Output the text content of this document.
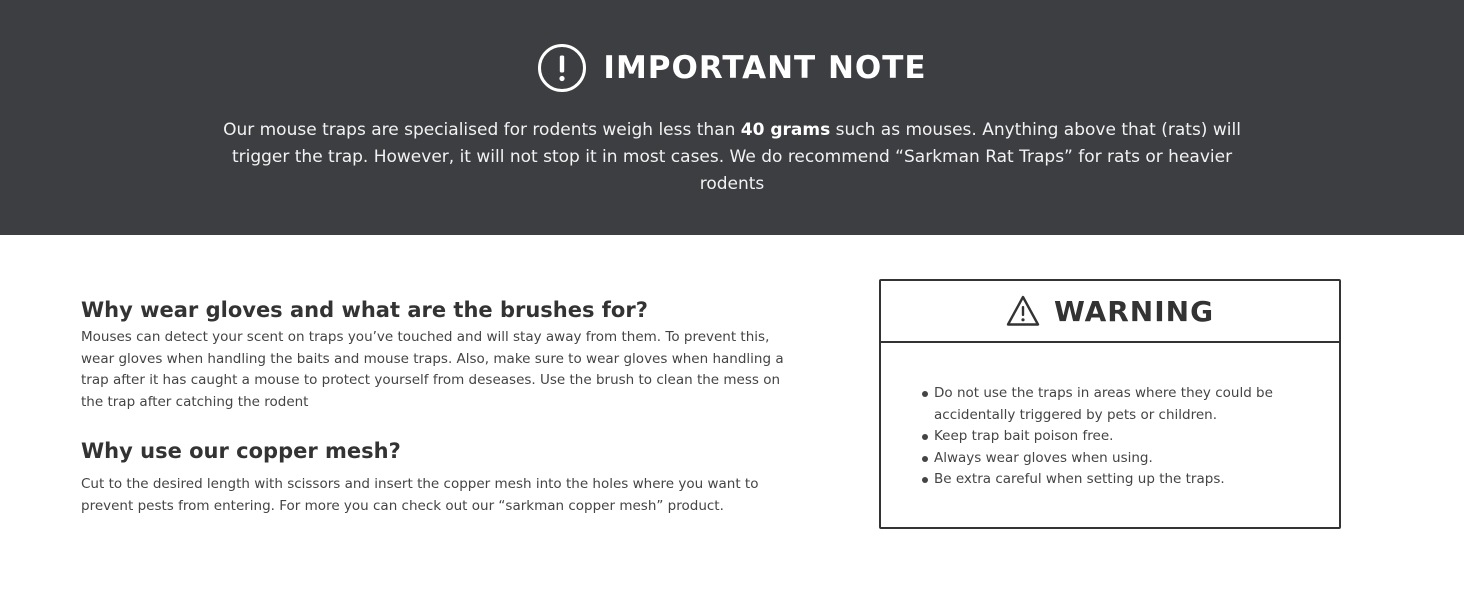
IMPORTANT NOTE

Our mouse traps are specialised for rodents weigh less than 40 grams such as mouses. Anything above that (rats) will trigger the trap. However, it will not stop it in most cases. We do recommend “Sarkman Rat Traps” for rats or heavier rodents

Why wear gloves and what are the brushes for?

Mouses can detect your scent on traps you’ve touched and will stay away from them. To prevent this, wear gloves when handling the baits and mouse traps. Also, make sure to wear gloves when handling a trap after it has caught a mouse to protect yourself from deseases. Use the brush to clean the mess on the trap after catching the rodent

Why use our copper mesh?

Cut to the desired length with scissors and insert the copper mesh into the holes where you want to prevent pests from entering. For more you can check out our “sarkman copper mesh” product.

WARNING
Do not use the traps in areas where they could be accidentally triggered by pets or children.
Keep trap bait poison free.
Always wear gloves when using.
Be extra careful when setting up the traps.
